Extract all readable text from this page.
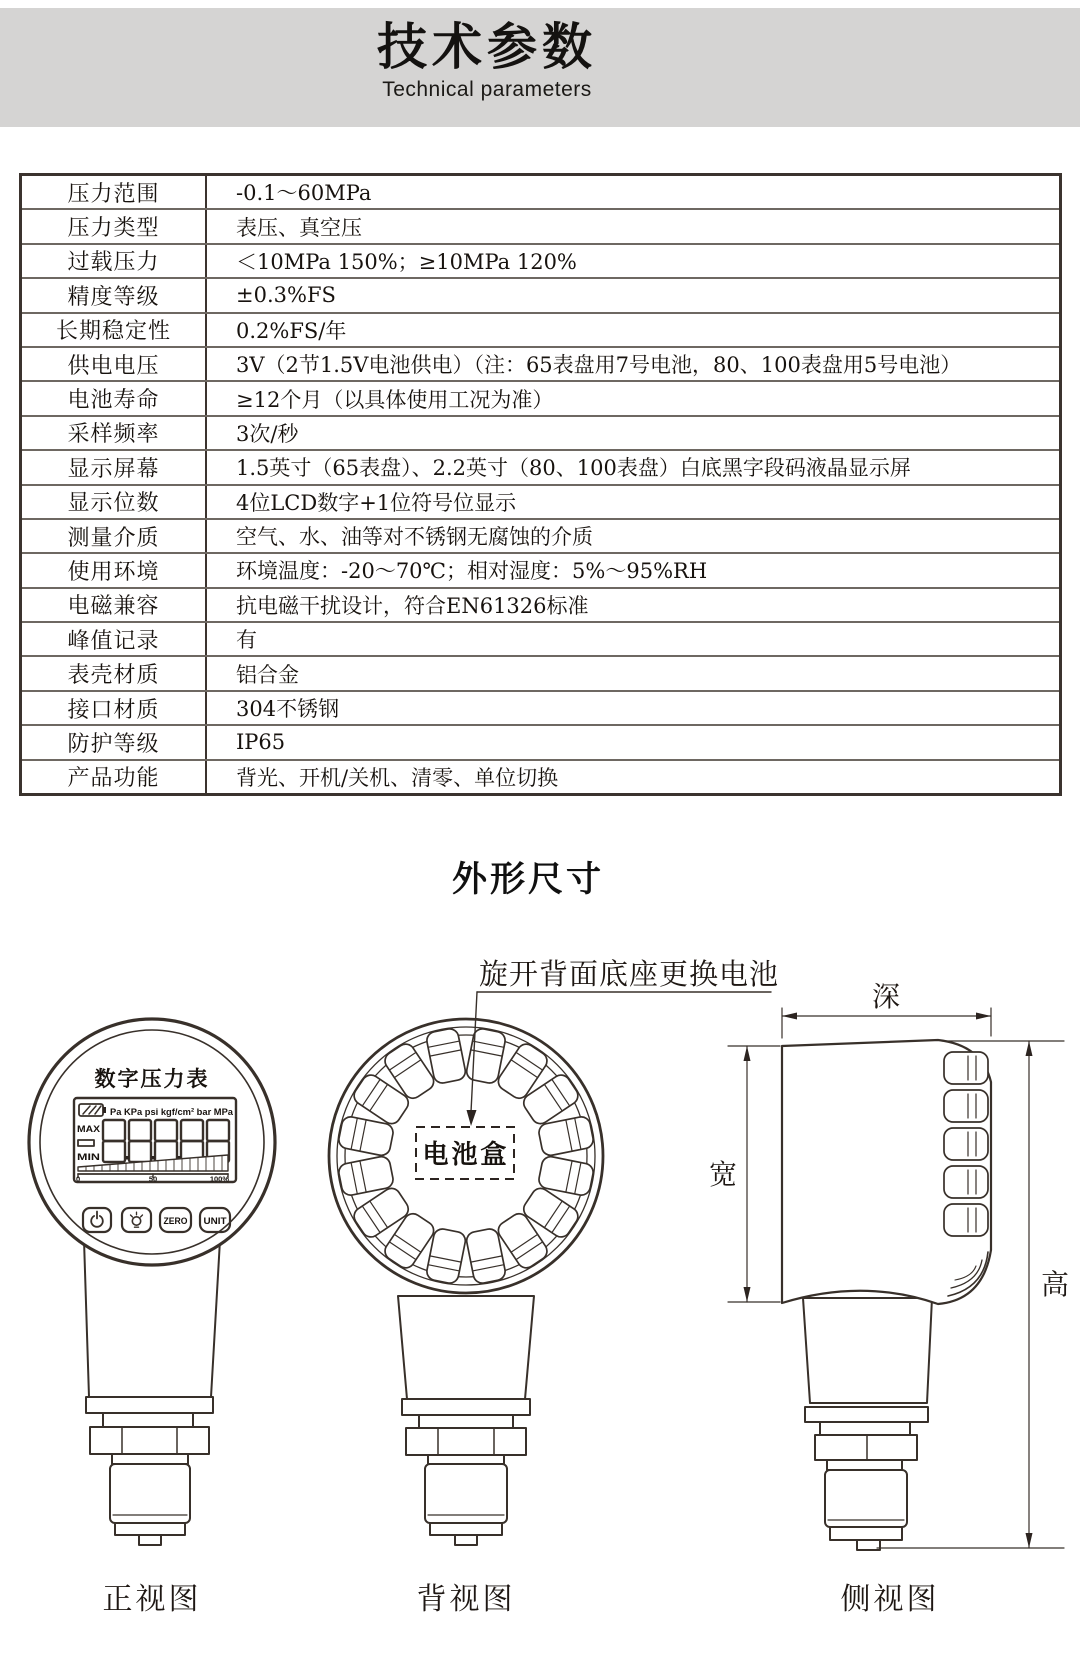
技术参数
Technical parameters
压力范围	-0.1～60MPa
压力类型	表压、真空压
过载压力	＜10MPa 150%；≥10MPa 120%
精度等级	±0.3%FS
长期稳定性	0.2%FS/年
供电电压	3V（2节1.5V电池供电）（注：65表盘用7号电池，80、100表盘用5号电池）
电池寿命	≥12个月（以具体使用工况为准）
采样频率	3次/秒
显示屏幕	1.5英寸（65表盘）、2.2英寸（80、100表盘）白底黑字段码液晶显示屏
显示位数	4位LCD数字+1位符号位显示
测量介质	空气、水、油等对不锈钢无腐蚀的介质
使用环境	环境温度：-20～70℃；相对湿度：5%～95%RH
电磁兼容	抗电磁干扰设计，符合EN61326标准
峰值记录	有
表壳材质	铝合金
接口材质	304不锈钢
防护等级	IP65
产品功能	背光、开机/关机、清零、单位切换
外形尺寸
数字压力表
Pa KPa psi kgf/cm² bar MPa
MAX
MIN
0	50	100%
ZERO UNIT
正视图
电池盒
旋开背面底座更换电池
背视图
深
宽
高
侧视图
